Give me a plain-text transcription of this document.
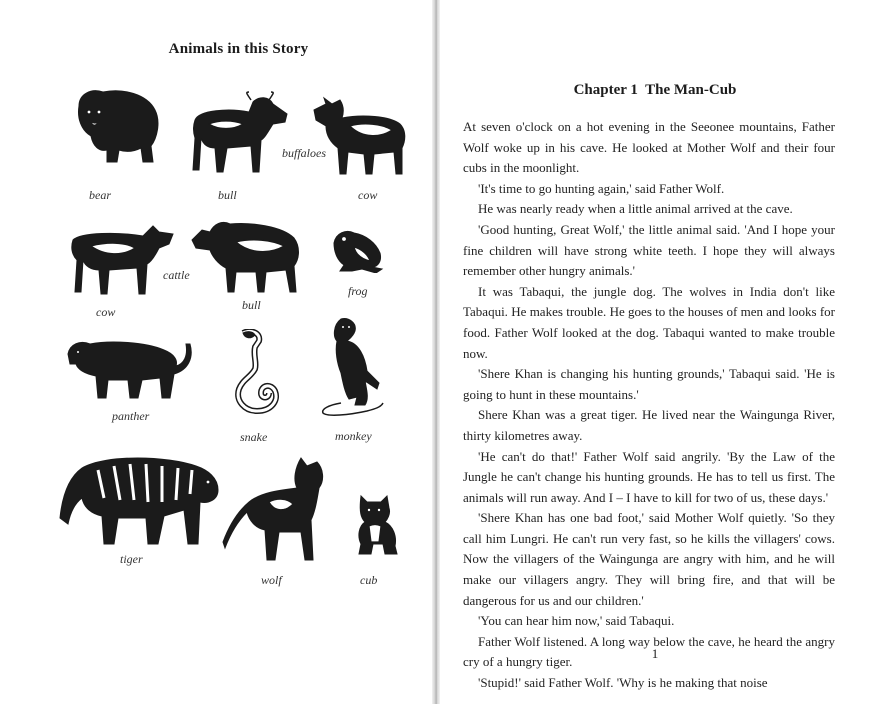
Animals in this Story
bear	bull
buffaloes
cow
cattle
cow	bull
frog
panther
snake	monkey
tiger
wolf	cub
Chapter 1  The Man-Cub

At seven o'clock on a hot evening in the Seeonee mountains, Father Wolf woke up in his cave. He looked at Mother Wolf and their four cubs in the moonlight.

'It's time to go hunting again,' said Father Wolf.

He was nearly ready when a little animal arrived at the cave.

'Good hunting, Great Wolf,' the little animal said. 'And I hope your fine children will have strong white teeth. I hope they will always remember other hungry animals.'

It was Tabaqui, the jungle dog. The wolves in India don't like Tabaqui. He makes trouble. He goes to the houses of men and looks for food. Father Wolf looked at the dog. Tabaqui wanted to make trouble now.

'Shere Khan is changing his hunting grounds,' Tabaqui said. 'He is going to hunt in these mountains.'

Shere Khan was a great tiger. He lived near the Waingunga River, thirty kilometres away.

'He can't do that!' Father Wolf said angrily. 'By the Law of the Jungle he can't change his hunting grounds. He has to tell us first. The animals will run away. And I – I have to kill for two of us, these days.'

'Shere Khan has one bad foot,' said Mother Wolf quietly. 'So they call him Lungri. He can't run very fast, so he kills the villagers' cows. Now the villagers of the Waingunga are angry with him, and he will make our villagers angry. They will bring fire, and that will be dangerous for us and our children.'

'You can hear him now,' said Tabaqui.

Father Wolf listened. A long way below the cave, he heard the angry cry of a hungry tiger.

'Stupid!' said Father Wolf. 'Why is he making that noise

1
